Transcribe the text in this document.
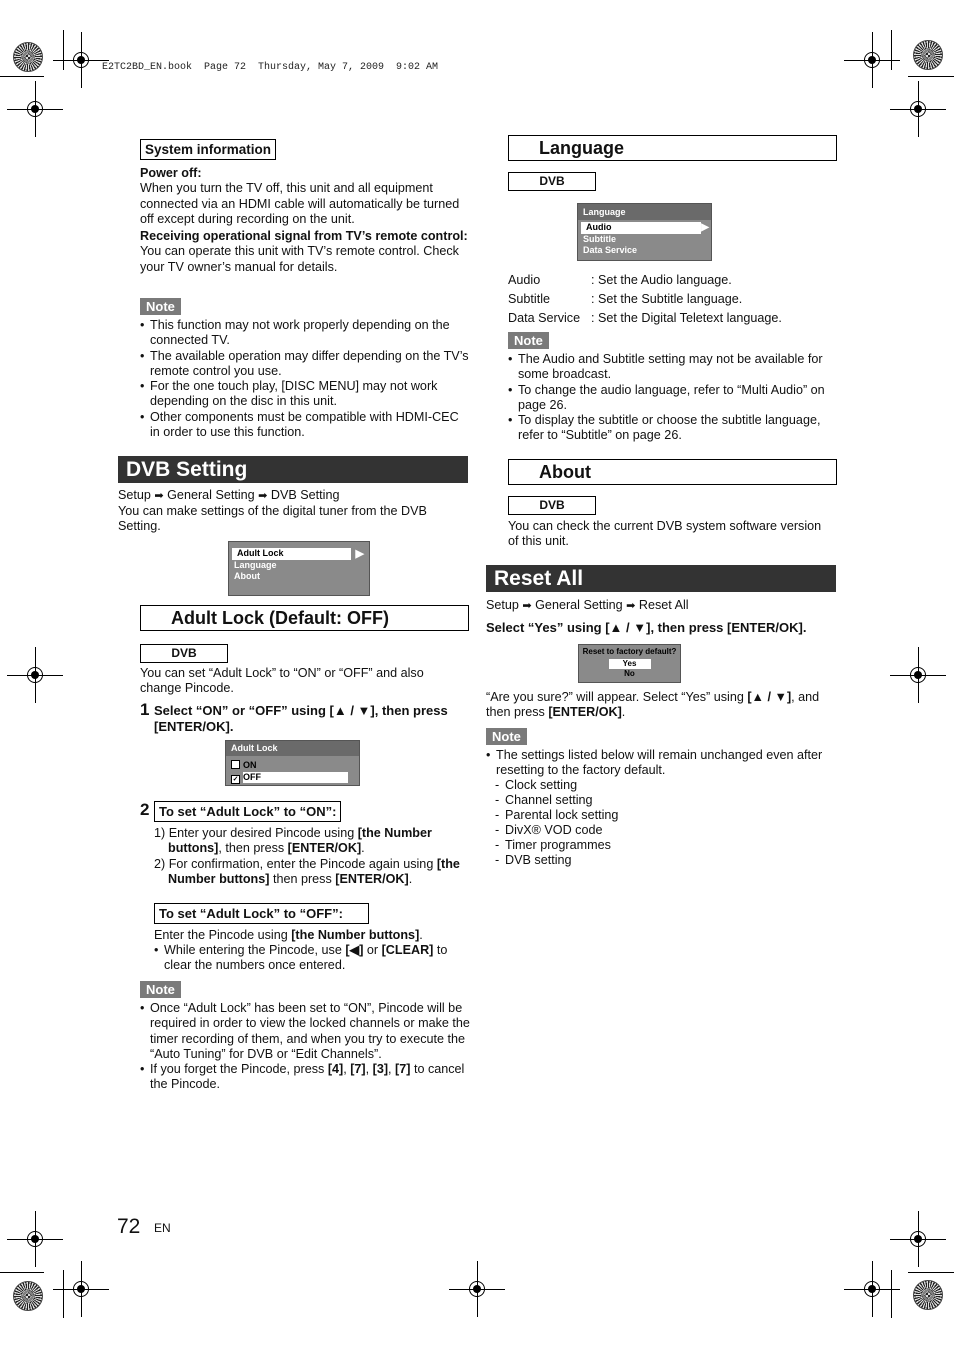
E2TC2BD_EN.book  Page 72  Thursday, May 7, 2009  9:02 AM
System information
Power off:
When you turn the TV off, this unit and all equipment connected via an HDMI cable will automatically be turned off except during recording on the unit.
Receiving operational signal from TV’s remote control:
You can operate this unit with TV’s remote control. Check your TV owner’s manual for details.
Note
• This function may not work properly depending on the connected TV.
• The available operation may differ depending on the TV’s remote control you use.
• For the one touch play, [DISC MENU] may not work depending on the disc in this unit.
• Other components must be compatible with HDMI-CEC in order to use this function.
DVB Setting
Setup ➡ General Setting ➡ DVB Setting
You can make settings of the digital tuner from the DVB Setting.
Adult Lock
Language
About
▶
Adult Lock (Default: OFF)
DVB
You can set “Adult Lock” to “ON” or “OFF” and also change Pincode.
1 Select “ON” or “OFF” using [▲ / ▼], then press [ENTER/OK].
Adult Lock
ON
✓ OFF
2 To set “Adult Lock” to “ON”:
1) Enter your desired Pincode using [the Number buttons], then press [ENTER/OK].
2) For confirmation, enter the Pincode again using [the Number buttons] then press [ENTER/OK].
To set “Adult Lock” to “OFF”:
Enter the Pincode using [the Number buttons].
• While entering the Pincode, use [◀] or [CLEAR] to clear the numbers once entered.
Note
• Once “Adult Lock” has been set to “ON”, Pincode will be required in order to view the locked channels or make the timer recording of them, and when you try to execute the “Auto Tuning” for DVB or “Edit Channels”.
• If you forget the Pincode, press [4], [7], [3], [7] to cancel the Pincode.
Language
DVB
Language
Audio
Subtitle
Data Service
▶
Audio	: Set the Audio language.
Subtitle	: Set the Subtitle language.
Data Service : Set the Digital Teletext language.
Note
• The Audio and Subtitle setting may not be available for some broadcast.
• To change the audio language, refer to “Multi Audio” on page 26.
• To display the subtitle or choose the subtitle language, refer to “Subtitle” on page 26.
About
DVB
You can check the current DVB system software version of this unit.
Reset All
Setup ➡ General Setting ➡ Reset All
Select “Yes” using [▲ / ▼], then press [ENTER/OK].
Reset to factory default?
Yes
No
“Are you sure?” will appear. Select “Yes” using [▲ / ▼], and then press [ENTER/OK].
Note
• The settings listed below will remain unchanged even after resetting to the factory default.
- Clock setting
- Channel setting
- Parental lock setting
- DivX® VOD code
- Timer programmes
- DVB setting
72 EN
